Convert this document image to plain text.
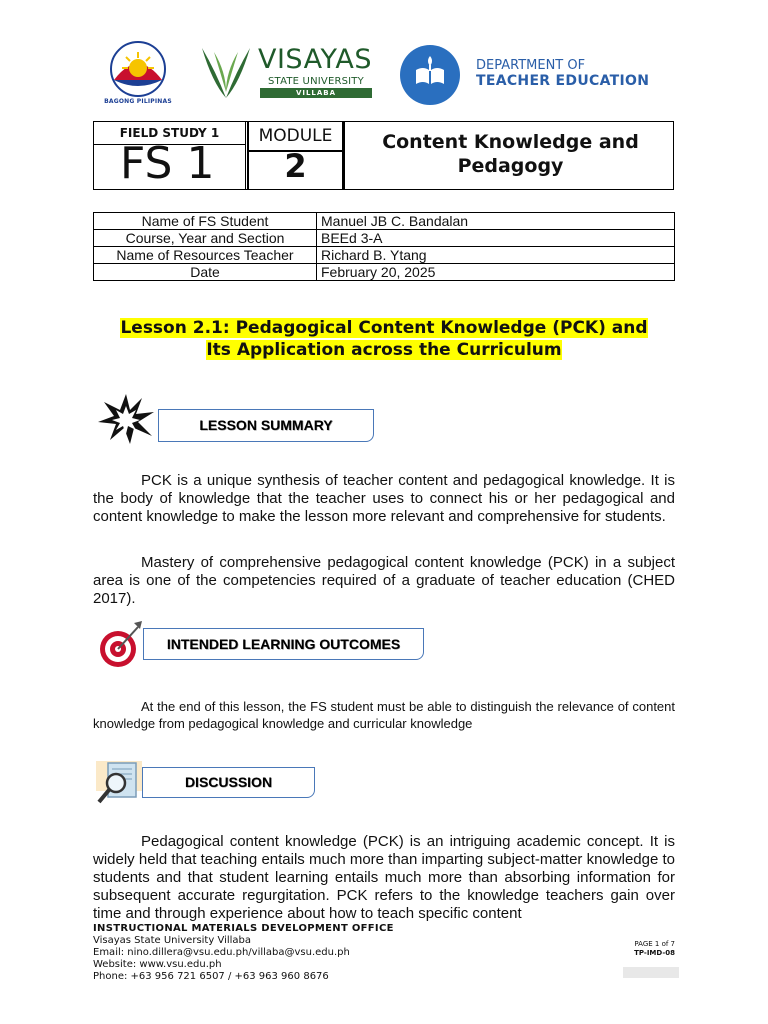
BAGONG PILIPINAS
VISAYAS
STATE UNIVERSITY
VILLABA
DEPARTMENT OF
TEACHER EDUCATION
FIELD STUDY 1
FS 1
MODULE
2
Content Knowledge and Pedagogy
Name of FS Student	Manuel JB C. Bandalan
Course, Year and Section	BEEd 3-A
Name of Resources Teacher	Richard B. Ytang
Date	February 20, 2025
Lesson 2.1: Pedagogical Content Knowledge (PCK) and
Its Application across the Curriculum
LESSON SUMMARY

PCK is a unique synthesis of teacher content and pedagogical knowledge. It is the body of knowledge that the teacher uses to connect his or her pedagogical and content knowledge to make the lesson more relevant and comprehensive for students.

Mastery of comprehensive pedagogical content knowledge (PCK) in a subject area is one of the competencies required of a graduate of teacher education (CHED 2017).

INTENDED LEARNING OUTCOMES

At the end of this lesson, the FS student must be able to distinguish the relevance of content knowledge from pedagogical knowledge and curricular knowledge

DISCUSSION

Pedagogical content knowledge (PCK) is an intriguing academic concept. It is widely held that teaching entails much more than imparting subject-matter knowledge to students and that student learning entails much more than absorbing information for subsequent accurate regurgitation. PCK refers to the knowledge teachers gain over time and through experience about how to teach specific content

INSTRUCTIONAL MATERIALS DEVELOPMENT OFFICE
Visayas State University Villaba
Email: nino.dillera@vsu.edu.ph/villaba@vsu.edu.ph
Website: www.vsu.edu.ph
Phone: +63 956 721 6507 / +63 963 960 8676
PAGE 1 of 7
TP-IMD-08
